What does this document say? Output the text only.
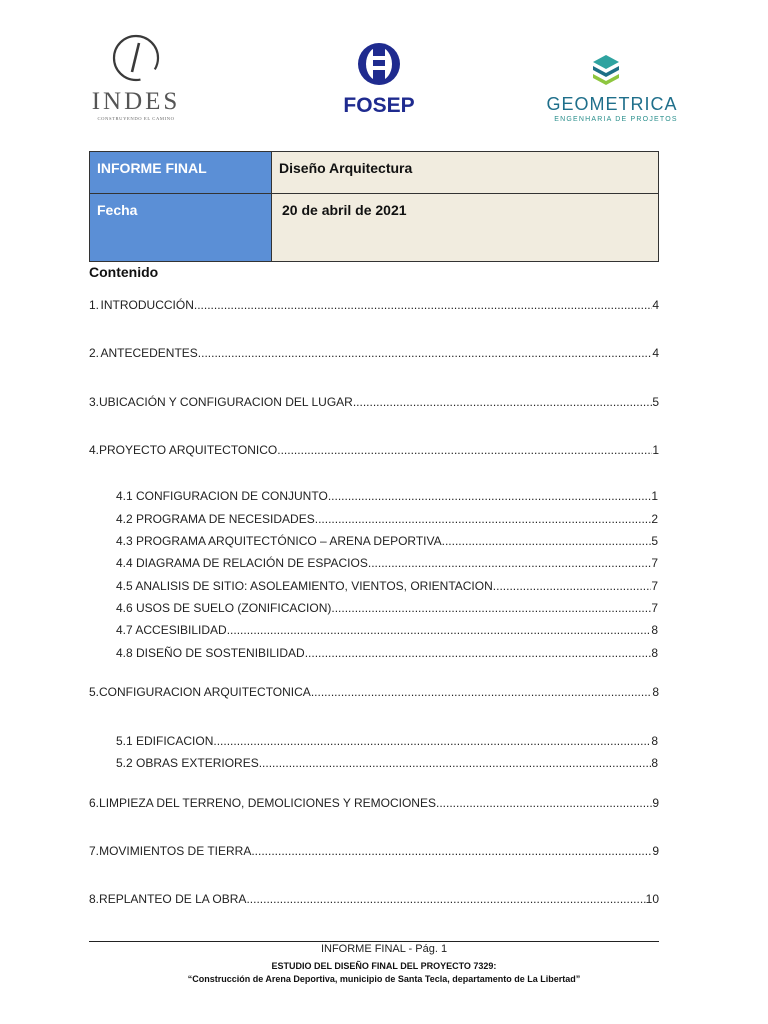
INDES
CONSTRUYENDO EL CAMINO
FOSEP	GEOMETRICA
ENGENHARIA DE PROJETOS
INFORME FINAL	Diseño Arquitectura
Fecha	20 de abril de 2021
Contenido
1. INTRODUCCIÓN .....	4
2. ANTECEDENTES .....	4
3. UBICACIÓN Y CONFIGURACION DEL LUGAR .....	5
4. PROYECTO ARQUITECTONICO .....	1
4.1 CONFIGURACION DE CONJUNTO .....	1
4.2 PROGRAMA DE NECESIDADES .....	2
4.3 PROGRAMA ARQUITECTÓNICO – ARENA DEPORTIVA .....	5
4.4 DIAGRAMA DE RELACIÓN DE ESPACIOS .....	7
4.5 ANALISIS DE SITIO: ASOLEAMIENTO, VIENTOS, ORIENTACION .....	7
4.6 USOS DE SUELO (ZONIFICACION) .....	7
4.7 ACCESIBILIDAD .....	8
4.8 DISEÑO DE SOSTENIBILIDAD .....	8
5. CONFIGURACION ARQUITECTONICA .....	8
5.1 EDIFICACION .....	8
5.2 OBRAS EXTERIORES .....	8
6. LIMPIEZA DEL TERRENO, DEMOLICIONES Y REMOCIONES .....	9
7. MOVIMIENTOS DE TIERRA .....	9
8. REPLANTEO DE LA OBRA .....	10
INFORME FINAL - Pág. 1
ESTUDIO DEL DISEÑO FINAL DEL PROYECTO 7329:
“Construcción de Arena Deportiva, municipio de Santa Tecla, departamento de La Libertad”
